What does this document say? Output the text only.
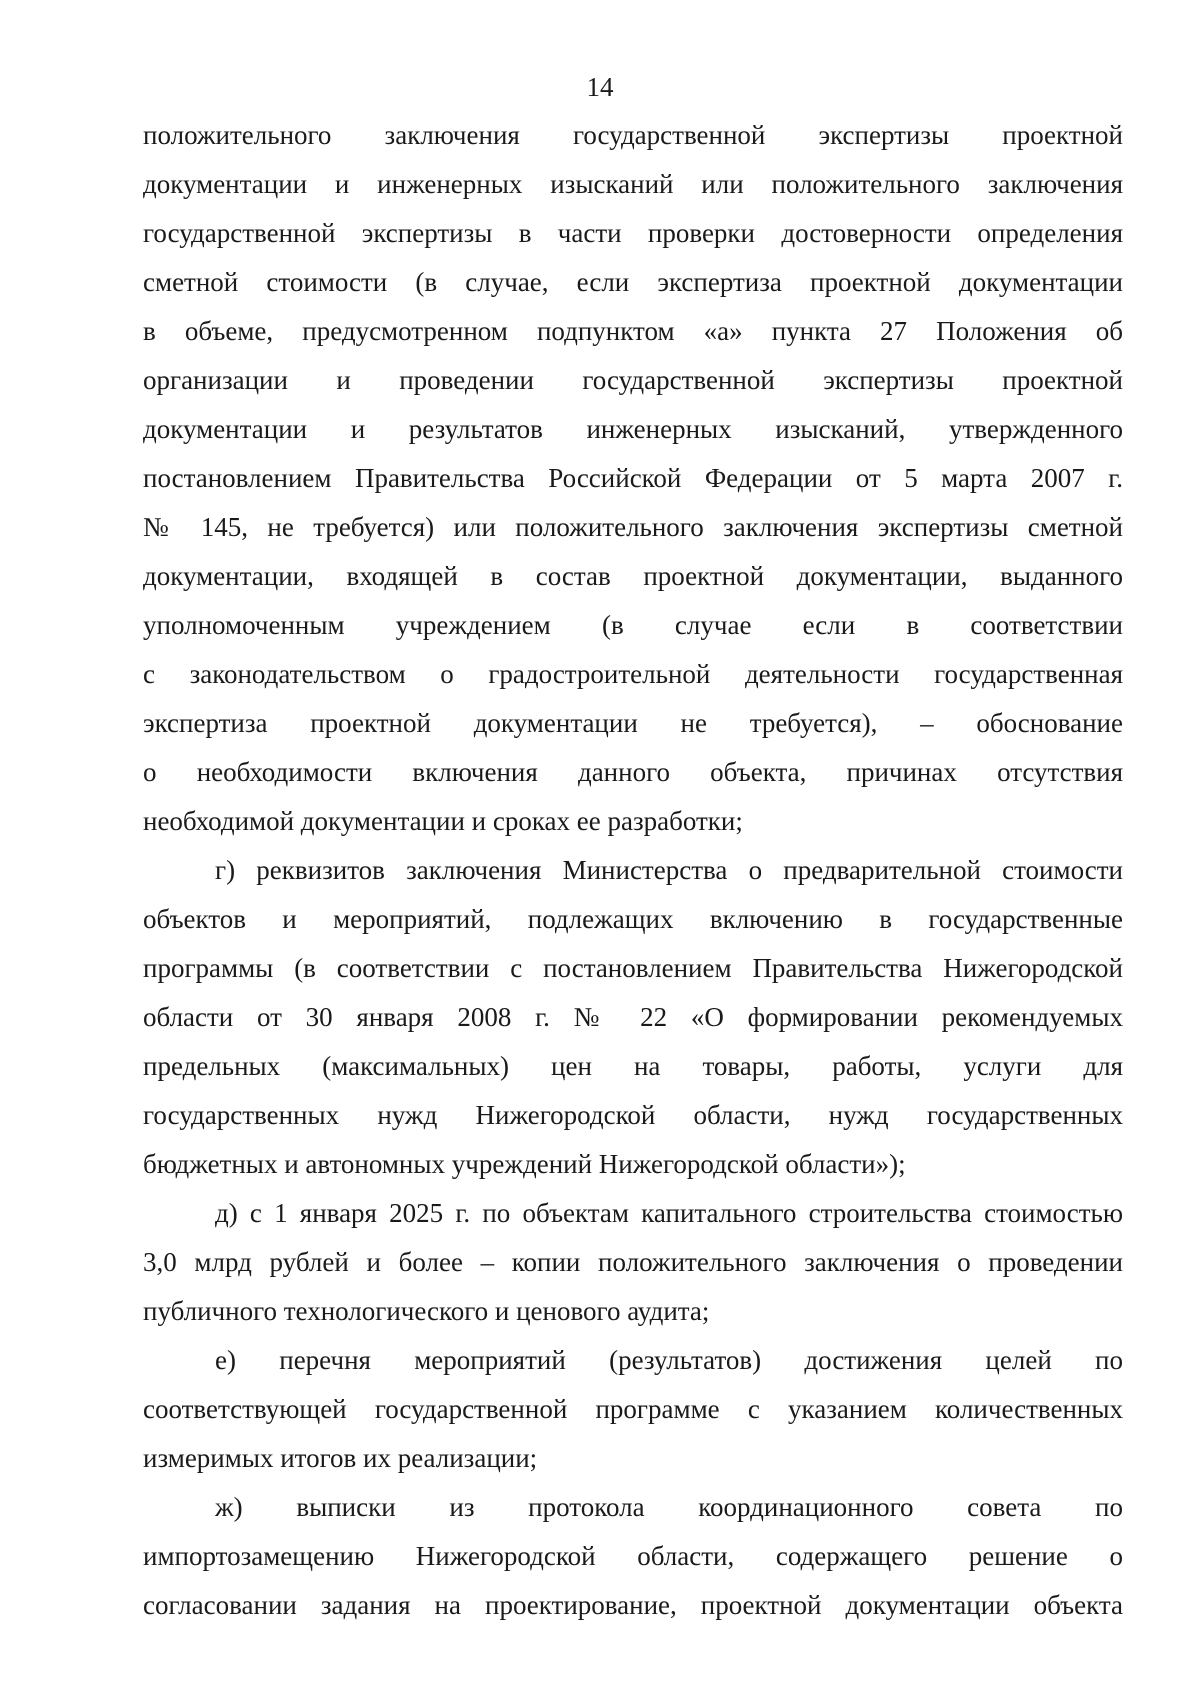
14
положительного заключения государственной экспертизы проектной
документации и инженерных изысканий или положительного заключения
государственной экспертизы в части проверки достоверности определения
сметной стоимости (в случае, если экспертиза проектной документации
в объеме, предусмотренном подпунктом «а» пункта 27 Положения об
организации и проведении государственной экспертизы проектной
документации и результатов инженерных изысканий, утвержденного
постановлением Правительства Российской Федерации от 5 марта 2007 г.
№ 145, не требуется) или положительного заключения экспертизы сметной
документации, входящей в состав проектной документации, выданного
уполномоченным учреждением (в случае если в соответствии
с законодательством о градостроительной деятельности государственная
экспертиза проектной документации не требуется), – обоснование
о необходимости включения данного объекта, причинах отсутствия
необходимой документации и сроках ее разработки;
г) реквизитов заключения Министерства о предварительной стоимости
объектов и мероприятий, подлежащих включению в государственные
программы (в соответствии с постановлением Правительства Нижегородской
области от 30 января 2008 г. № 22 «О формировании рекомендуемых
предельных (максимальных) цен на товары, работы, услуги для
государственных нужд Нижегородской области, нужд государственных
бюджетных и автономных учреждений Нижегородской области»);
д) с 1 января 2025 г. по объектам капитального строительства стоимостью
3,0 млрд рублей и более – копии положительного заключения о проведении
публичного технологического и ценового аудита;
е) перечня мероприятий (результатов) достижения целей по
соответствующей государственной программе с указанием количественных
измеримых итогов их реализации;
ж) выписки из протокола координационного совета по
импортозамещению Нижегородской области, содержащего решение о
согласовании задания на проектирование, проектной документации объекта
